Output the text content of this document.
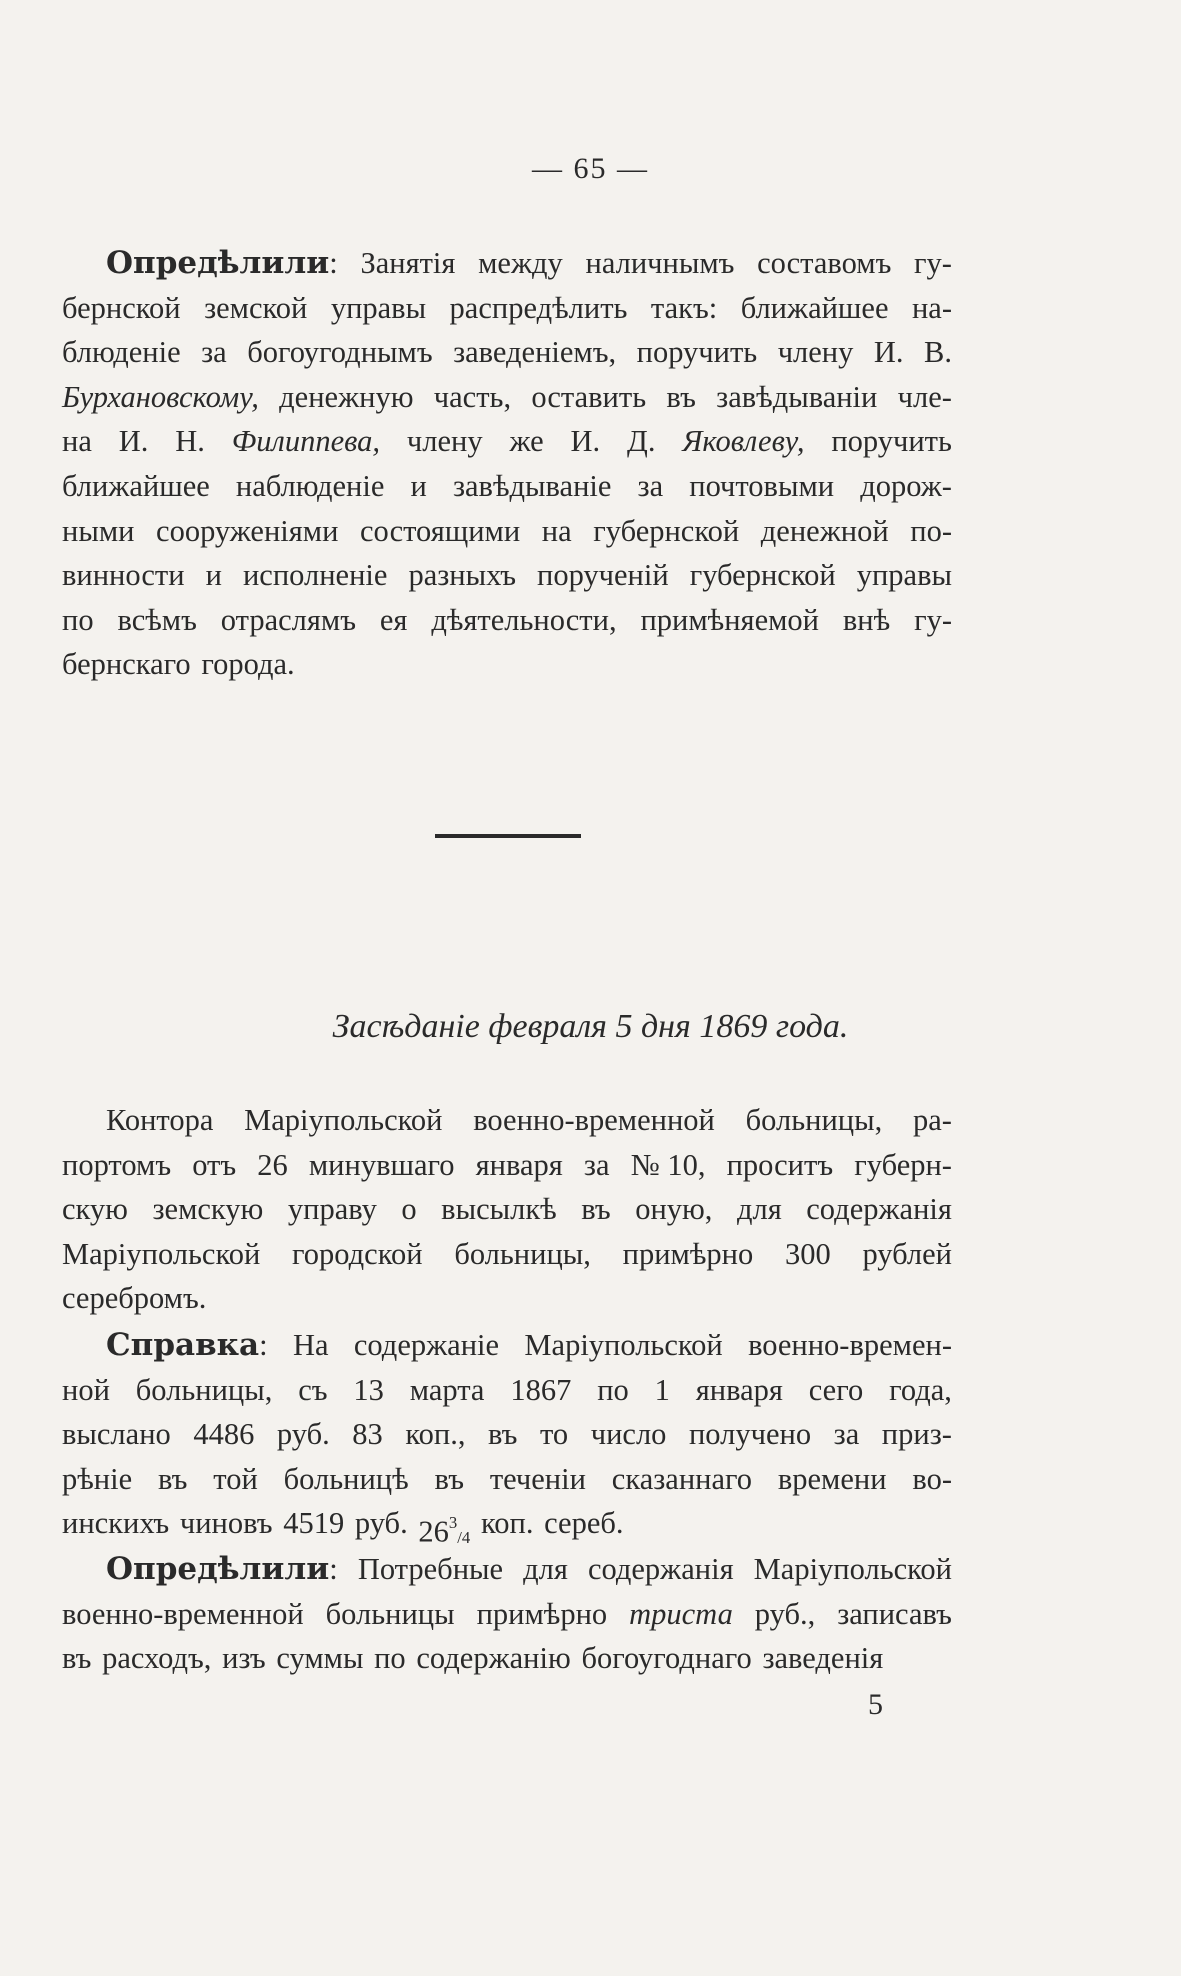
— 65 —
Опредѣлили: Занятія между наличнымъ составомъ гу-
бернской земской управы распредѣлить такъ: ближайшее на-
блюденіе за богоугоднымъ заведеніемъ, поручить члену И. В.
Бурхановскому, денежную часть, оставить въ завѣдываніи чле-
на И. Н. Филиппева, члену же И. Д. Яковлеву, поручить
ближайшее наблюденіе и завѣдываніе за почтовыми дорож-
ными сооруженіями состоящими на губернской денежной по-
винности и исполненіе разныхъ порученій губернской управы
по всѣмъ отраслямъ ея дѣятельности, примѣняемой внѣ гу-
бернскаго города.
Засѣданіе февраля 5 дня 1869 года.
Контора Маріупольской военно-временной больницы, ра-
портомъ отъ 26 минувшаго января за № 10, проситъ губерн-
скую земскую управу о высылкѣ въ оную, для содержанія
Маріупольской городской больницы, примѣрно 300 рублей
серебромъ.
Справка: На содержаніе Маріупольской военно-времен-
ной больницы, съ 13 марта 1867 по 1 января сего года,
выслано 4486 руб. 83 коп., въ то число получено за приз-
рѣніе въ той больницѣ въ теченіи сказаннаго времени во-
инскихъ чиновъ 4519 руб. $26^3_{/4}$ коп. сереб.
Опредѣлили: Потребные для содержанія Маріупольской
военно-временной больницы примѣрно триста руб., записавъ
въ расходъ, изъ суммы по содержанію богоугоднаго заведенія
5
